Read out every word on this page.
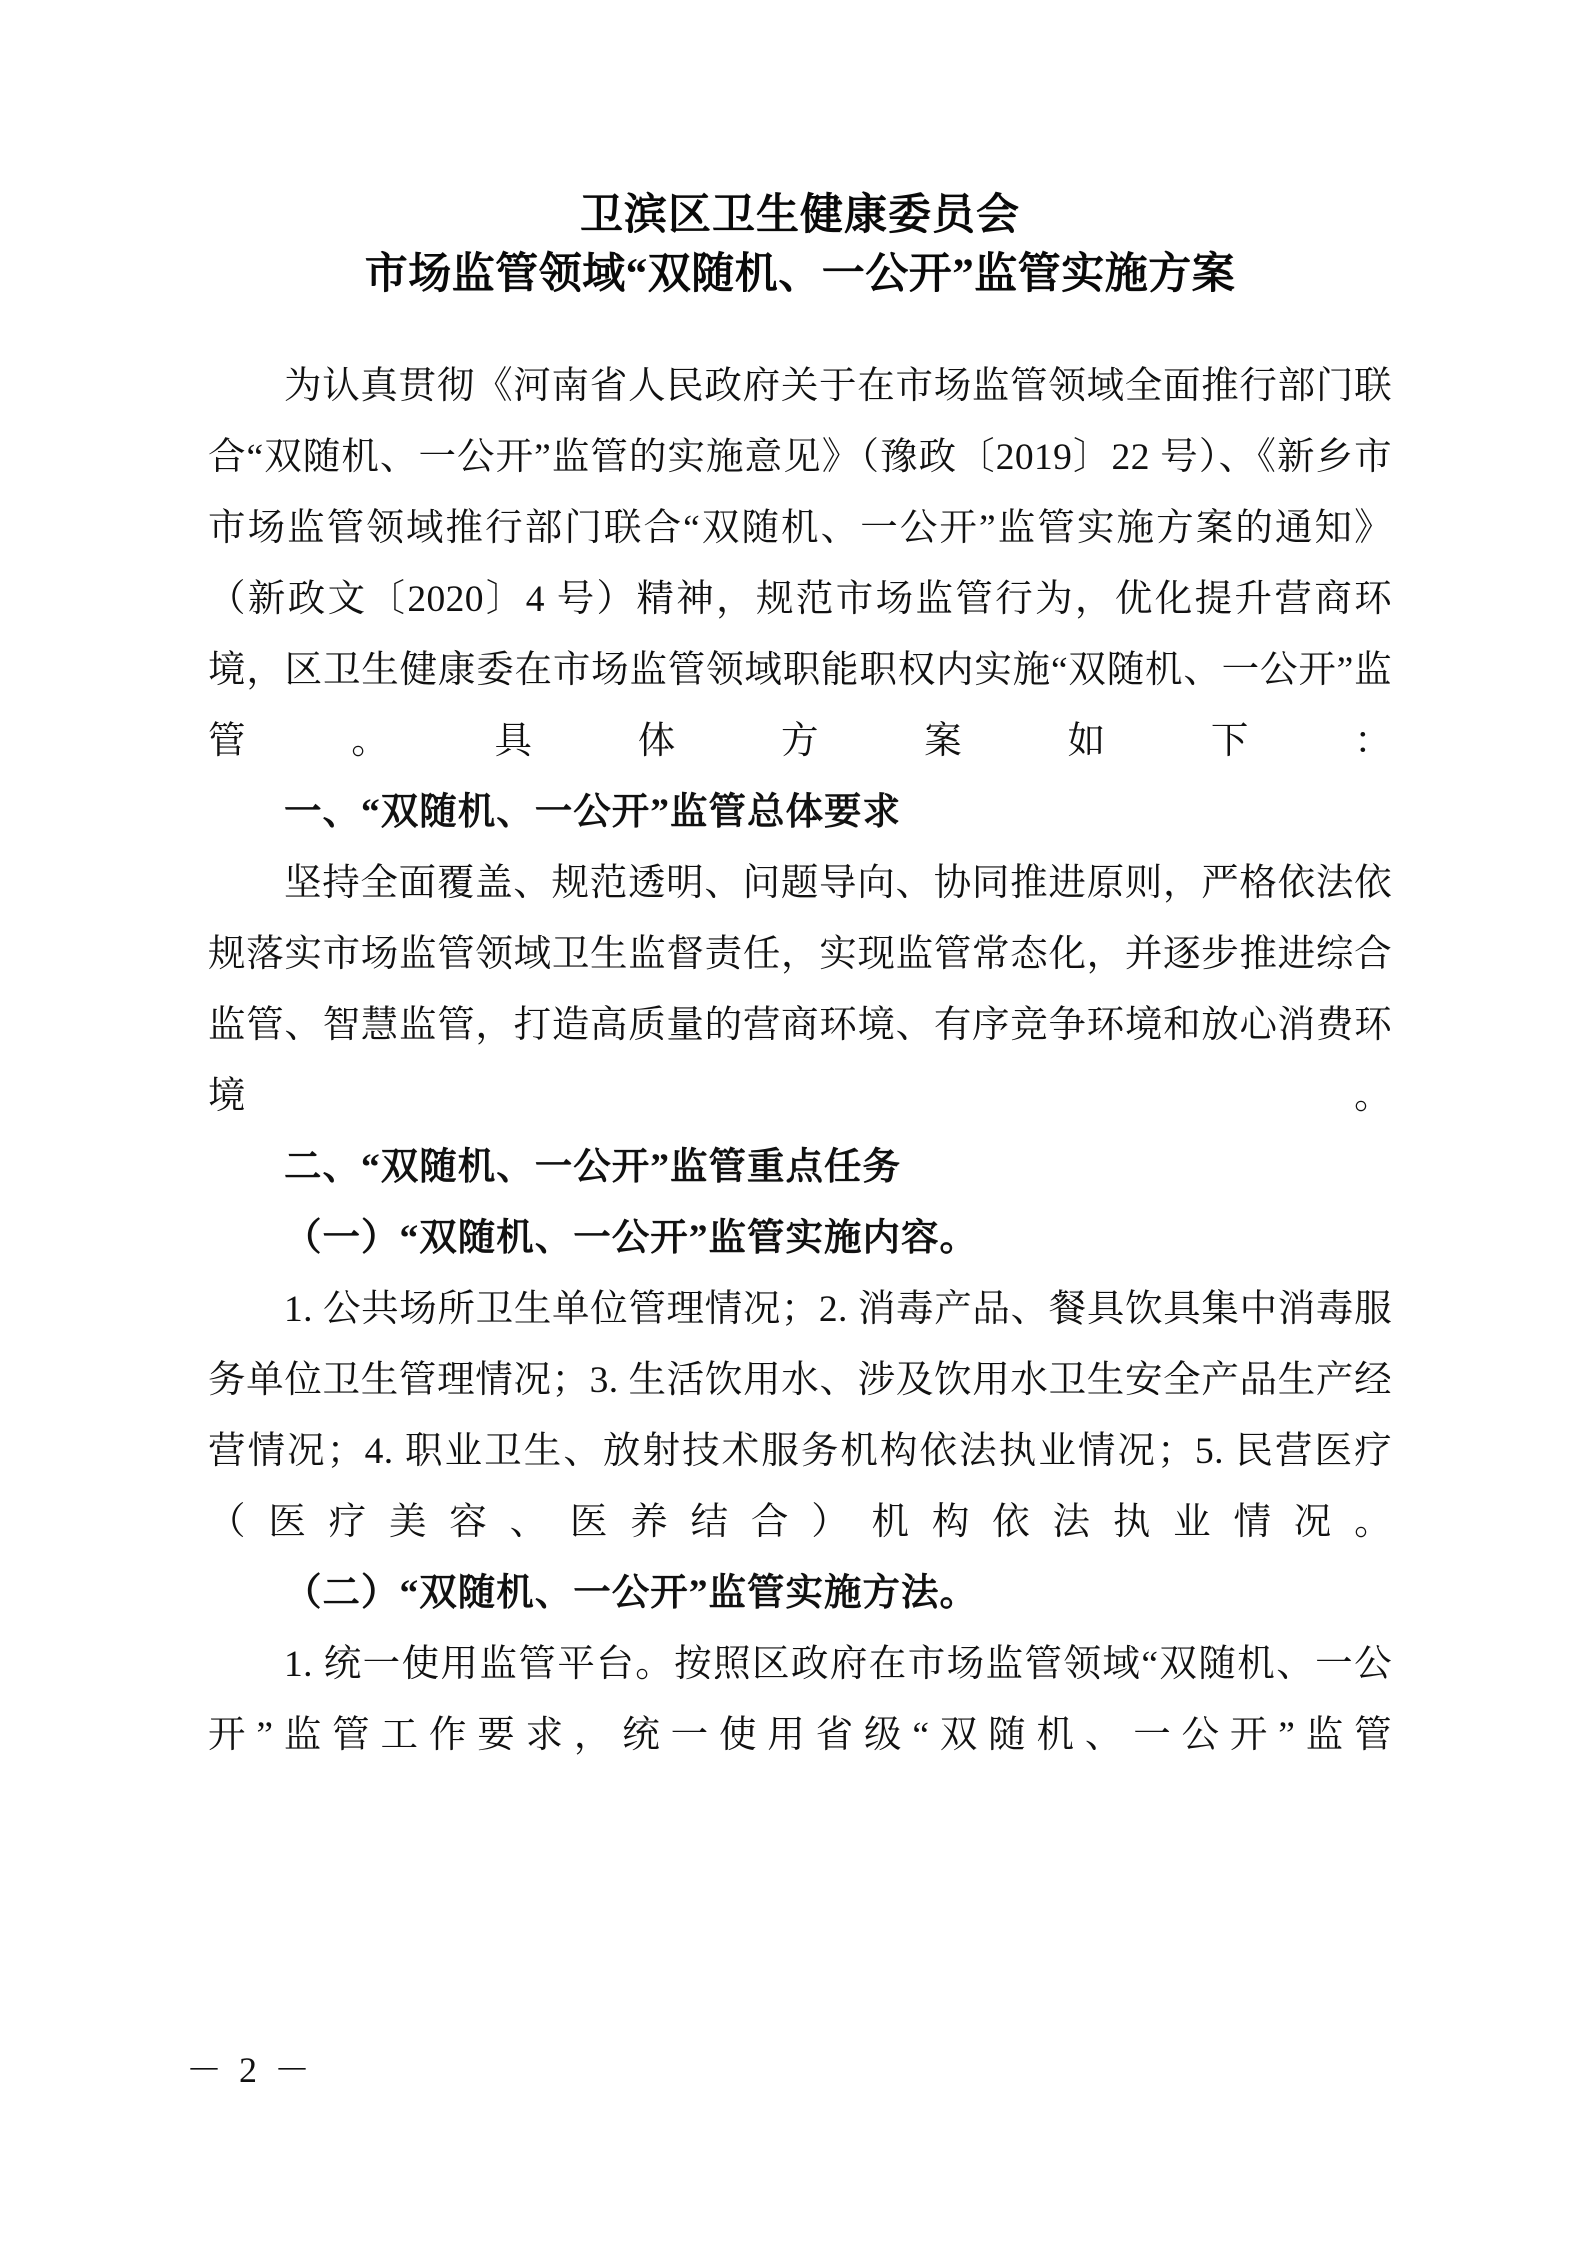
卫滨区卫生健康委员会
市场监管领域“双随机、一公开”监管实施方案

为认真贯彻《河南省人民政府关于在市场监管领域全面推行部门联合“双随机、一公开”监管的实施意见》（豫政〔2019〕22 号）、《新乡市市场监管领域推行部门联合“双随机、一公开”监管实施方案的通知》（新政文〔2020〕4 号）精神，规范市场监管行为，优化提升营商环境，区卫生健康委在市场监管领域职能职权内实施“双随机、一公开”监管。具体方案如下：

一、“双随机、一公开”监管总体要求

坚持全面覆盖、规范透明、问题导向、协同推进原则，严格依法依规落实市场监管领域卫生监督责任，实现监管常态化，并逐步推进综合监管、智慧监管，打造高质量的营商环境、有序竞争环境和放心消费环境。

二、“双随机、一公开”监管重点任务

（一）“双随机、一公开”监管实施内容。

1. 公共场所卫生单位管理情况；2. 消毒产品、餐具饮具集中消毒服务单位卫生管理情况；3. 生活饮用水、涉及饮用水卫生安全产品生产经营情况；4. 职业卫生、放射技术服务机构依法执业情况；5. 民营医疗（医疗美容、医养结合）机构依法执业情况。

（二）“双随机、一公开”监管实施方法。

1. 统一使用监管平台。按照区政府在市场监管领域“双随机、一公开”监管工作要求，统一使用省级“双随机、一公开”监管

－ 2 －
